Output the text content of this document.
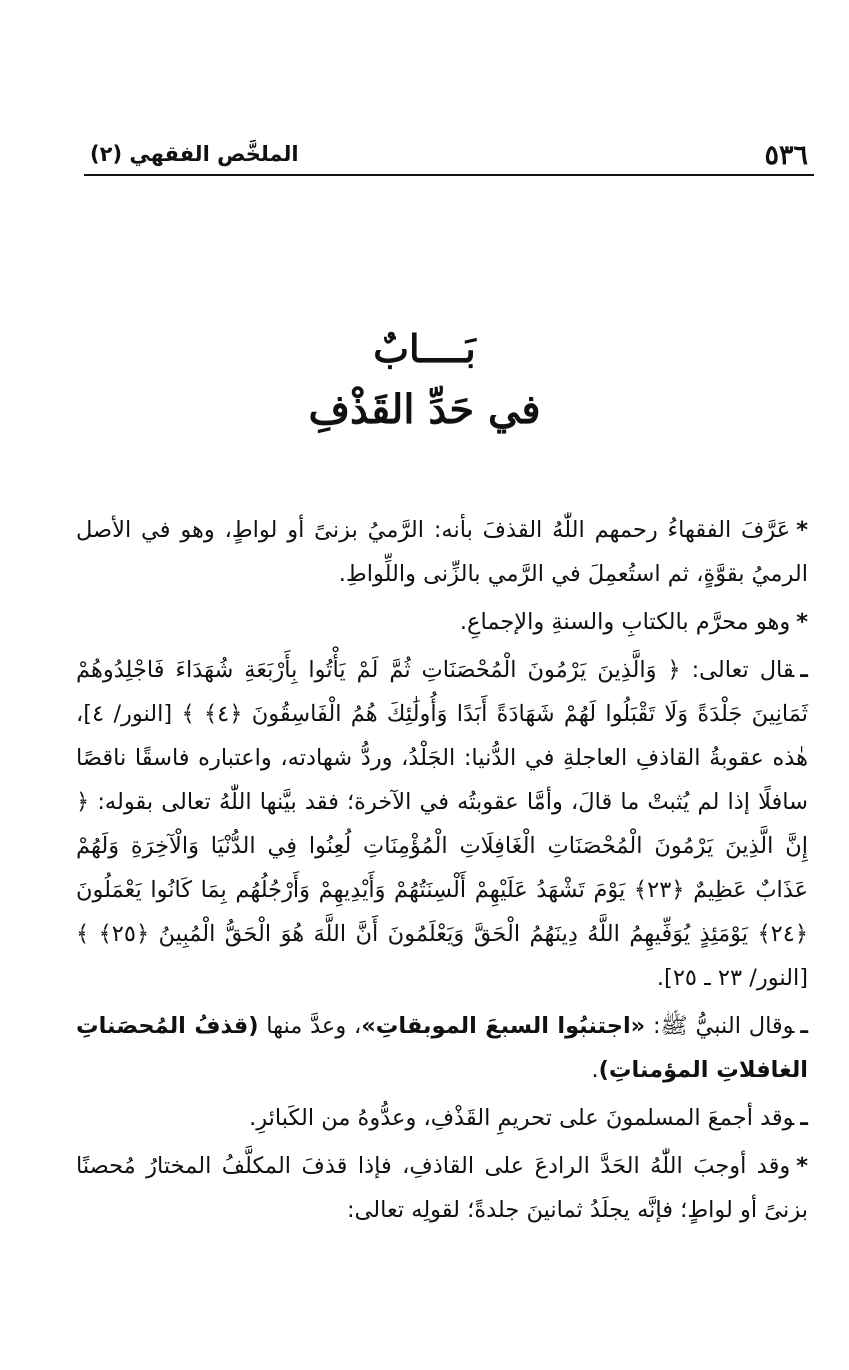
٥٣٦
الملخَّص الفقهي (٢)
بَــــابٌ
في حَدِّ القَذْفِ

*عَرَّفَ الفقهاءُ رحمهم اللّٰهُ القذفَ بأنه: الرَّميُ بزنىً أو لواطٍ، وهو في الأصل الرميُ بقوَّةٍ، ثم استُعمِلَ في الرَّمي بالزِّنى واللِّواطِ.

*وهو محرَّم بالكتابِ والسنةِ والإجماعِ.

ـقال تعالى: ﴿ وَالَّذِينَ يَرْمُونَ الْمُحْصَنَاتِ ثُمَّ لَمْ يَأْتُوا بِأَرْبَعَةِ شُهَدَاءَ فَاجْلِدُوهُمْ ثَمَانِينَ جَلْدَةً وَلَا تَقْبَلُوا لَهُمْ شَهَادَةً أَبَدًا وَأُولَٰئِكَ هُمُ الْفَاسِقُونَ ﴿٤﴾ ﴾ [النور/ ٤]، هٰذه عقوبةُ القاذفِ العاجلةِ في الدُّنيا: الجَلْدُ، وردُّ شهادته، واعتباره فاسقًا ناقصًا سافلًا إذا لم يُثبتْ ما قالَ، وأمَّا عقوبتُه في الآخرة؛ فقد بيَّنها اللّٰهُ تعالى بقوله: ﴿ إِنَّ الَّذِينَ يَرْمُونَ الْمُحْصَنَاتِ الْغَافِلَاتِ الْمُؤْمِنَاتِ لُعِنُوا فِي الدُّنْيَا وَالْآخِرَةِ وَلَهُمْ عَذَابٌ عَظِيمٌ ﴿٢٣﴾ يَوْمَ تَشْهَدُ عَلَيْهِمْ أَلْسِنَتُهُمْ وَأَيْدِيهِمْ وَأَرْجُلُهُم بِمَا كَانُوا يَعْمَلُونَ ﴿٢٤﴾ يَوْمَئِذٍ يُوَفِّيهِمُ اللَّهُ دِينَهُمُ الْحَقَّ وَيَعْلَمُونَ أَنَّ اللَّهَ هُوَ الْحَقُّ الْمُبِينُ ﴿٢٥﴾ ﴾ [النور/ ٢٣ ـ ٢٥].

ـوقال النبيُّ ﷺ: «اجتنبُوا السبعَ الموبقاتِ»، وعدَّ منها (قذفُ المُحصَناتِ الغافلاتِ المؤمناتِ).

ـوقد أجمعَ المسلمونَ على تحريمِ القَذْفِ، وعدُّوهُ من الكَبائرِ.

*وقد أوجبَ اللّٰهُ الحَدَّ الرادعَ على القاذفِ، فإذا قذفَ المكلَّفُ المختارُ مُحصنًا بزنىً أو لواطٍ؛ فإنَّه يجلَدُ ثمانينَ جلدةً؛ لقولِه تعالى:
